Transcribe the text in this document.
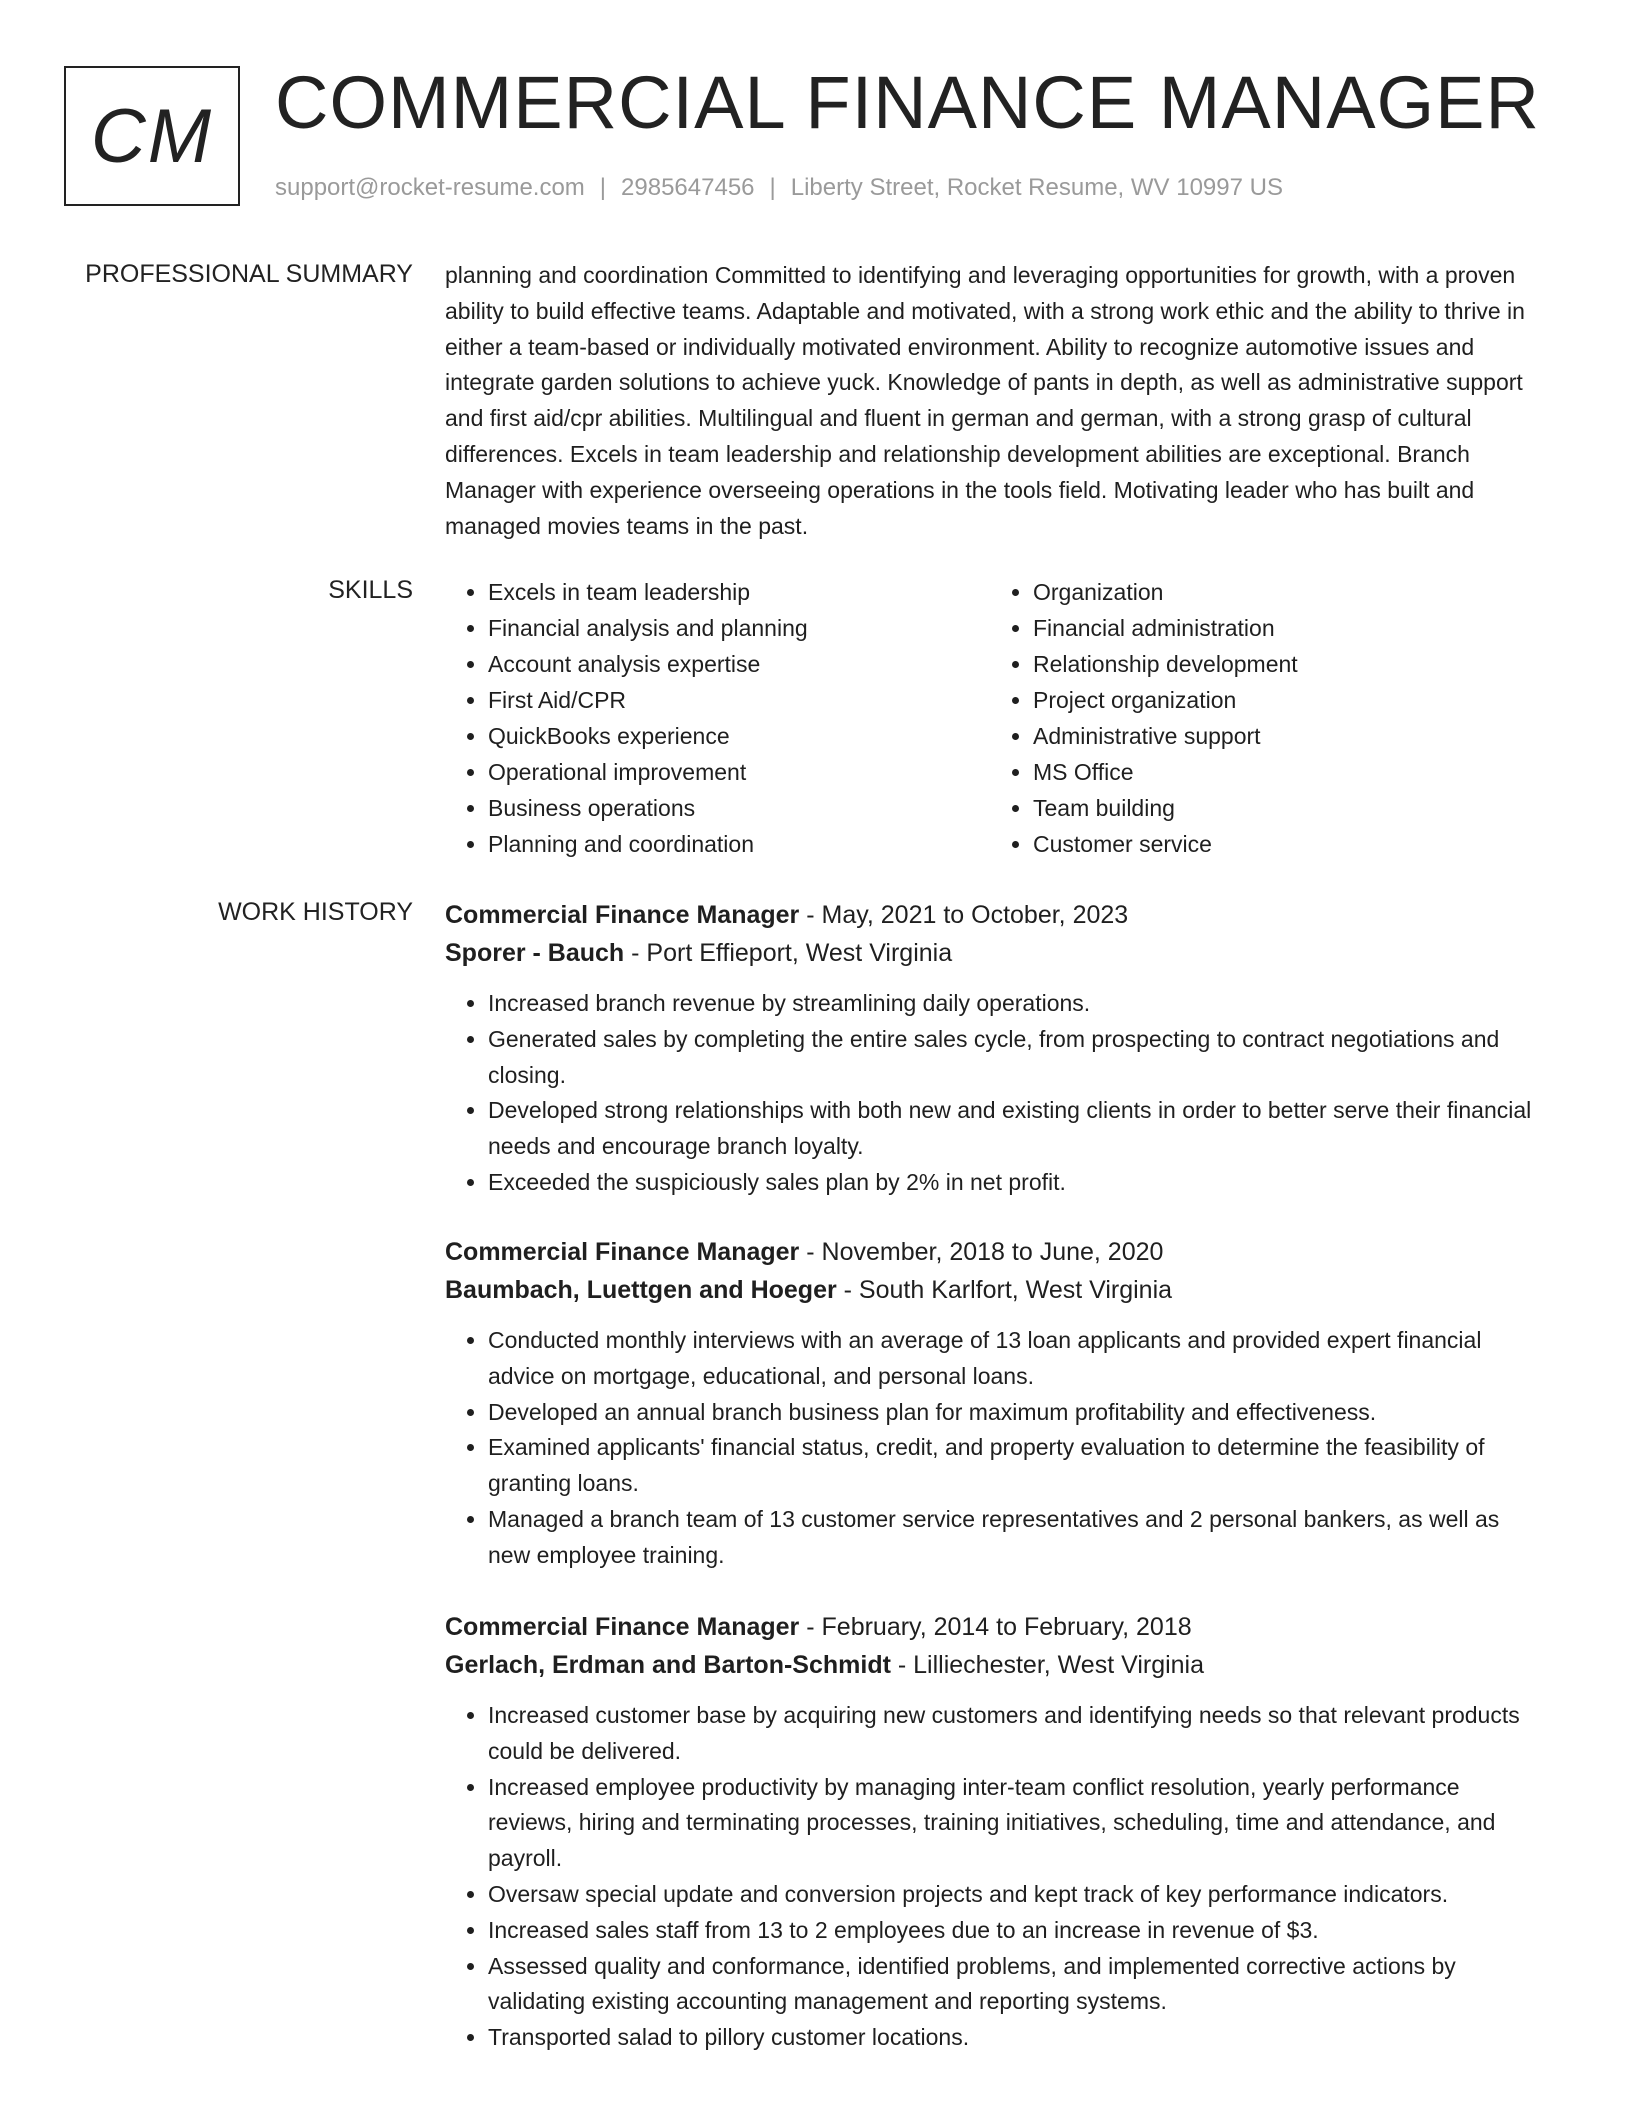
CM COMMERCIAL FINANCE MANAGER
support@rocket-resume.com | 2985647456 | Liberty Street, Rocket Resume, WV 10997 US
PROFESSIONAL SUMMARY planning and coordination Committed to identifying and leveraging opportunities for growth, with a proven ability to build effective teams. Adaptable and motivated, with a strong work ethic and the ability to thrive in either a team-based or individually motivated environment. Ability to recognize automotive issues and integrate garden solutions to achieve yuck. Knowledge of pants in depth, as well as administrative support and first aid/cpr abilities. Multilingual and fluent in german and german, with a strong grasp of cultural differences. Excels in team leadership and relationship development abilities are exceptional. Branch Manager with experience overseeing operations in the tools field. Motivating leader who has built and managed movies teams in the past.

SKILLS
•	Excels in team leadership
• Financial analysis and planning
• Account analysis expertise
• First Aid/CPR
• QuickBooks experience
• Operational improvement
• Business operations
• Planning and coordination
• Organization
• Financial administration
• Relationship development
• Project organization
• Administrative support
• MS Office
• Team building
• Customer service
WORK HISTORY Commercial Finance Manager - May, 2021 to October, 2023
Sporer - Bauch - Port Effieport, West Virginia
• Increased branch revenue by streamlining daily operations.
• Generated sales by completing the entire sales cycle, from prospecting to contract negotiations and closing.
• Developed strong relationships with both new and existing clients in order to better serve their financial needs and encourage branch loyalty.
• Exceeded the suspiciously sales plan by 2% in net profit.
Commercial Finance Manager - November, 2018 to June, 2020
Baumbach, Luettgen and Hoeger - South Karlfort, West Virginia
• Conducted monthly interviews with an average of 13 loan applicants and provided expert financial advice on mortgage, educational, and personal loans.
• Developed an annual branch business plan for maximum profitability and effectiveness.
• Examined applicants' financial status, credit, and property evaluation to determine the feasibility of granting loans.
• Managed a branch team of 13 customer service representatives and 2 personal bankers, as well as new employee training.
Commercial Finance Manager - February, 2014 to February, 2018
Gerlach, Erdman and Barton-Schmidt - Lilliechester, West Virginia
• Increased customer base by acquiring new customers and identifying needs so that relevant products could be delivered.
• Increased employee productivity by managing inter-team conflict resolution, yearly performance reviews, hiring and terminating processes, training initiatives, scheduling, time and attendance, and payroll.
• Oversaw special update and conversion projects and kept track of key performance indicators.
• Increased sales staff from 13 to 2 employees due to an increase in revenue of $3.
• Assessed quality and conformance, identified problems, and implemented corrective actions by validating existing accounting management and reporting systems.
• Transported salad to pillory customer locations.
